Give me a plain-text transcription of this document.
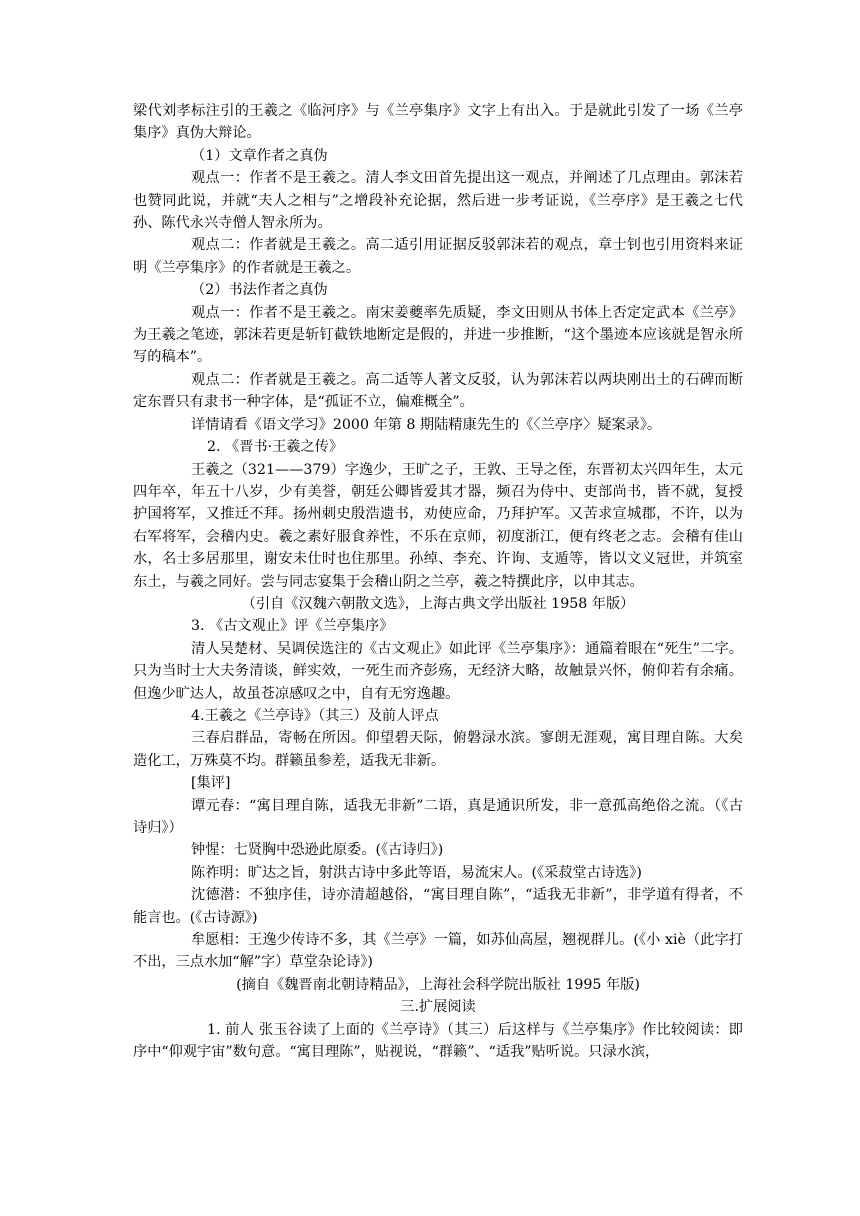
梁代刘孝标注引的王羲之《临河序》与《兰亭集序》文字上有出入。于是就此引发了一场《兰亭集序》真伪大辩论。

（1）文章作者之真伪

观点一：作者不是王羲之。清人李文田首先提出这一观点，并阐述了几点理由。郭沫若也赞同此说，并就“夫人之相与”之增段补充论据，然后进一步考证说，《兰亭序》是王羲之七代孙、陈代永兴寺僧人智永所为。

观点二：作者就是王羲之。高二适引用证据反驳郭沫若的观点，章士钊也引用资料来证明《兰亭集序》的作者就是王羲之。

（2）书法作者之真伪

观点一：作者不是王羲之。南宋姜夔率先质疑，李文田则从书体上否定定武本《兰亭》为王羲之笔迹，郭沫若更是斩钉截铁地断定是假的，并进一步推断，“这个墨迹本应该就是智永所写的稿本”。

观点二：作者就是王羲之。高二适等人著文反驳，认为郭沫若以两块刚出土的石碑而断定东晋只有隶书一种字体，是“孤证不立，偏难概全”。

详情请看《语文学习》2000 年第 8 期陆精康先生的《〈兰亭序〉疑案录》。

2. 《晋书·王羲之传》

王羲之（321——379）字逸少，王旷之子，王敦、王导之侄，东晋初太兴四年生，太元四年卒，年五十八岁，少有美誉，朝廷公卿皆爱其才器，频召为侍中、吏部尚书，皆不就，复授护国将军，又推迁不拜。扬州刺史殷浩遗书，劝使应命，乃拜护军。又苦求宣城郡，不许，以为右军将军，会稽内史。羲之素好服食养性，不乐在京师，初度浙江，便有终老之志。会稽有佳山水，名士多居那里，谢安未仕时也住那里。孙绰、李充、许询、支遁等，皆以文义冠世，并筑室东土，与羲之同好。尝与同志宴集于会稽山阴之兰亭，羲之特撰此序，以申其志。

（引自《汉魏六朝散文选》，上海古典文学出版社 1958 年版）

3. 《古文观止》评《兰亭集序》

清人吴楚材、吴调侯选注的《古文观止》如此评《兰亭集序》：通篇着眼在“死生”二字。只为当时士大夫务清谈，鲜实效，一死生而齐彭殇，无经济大略，故触景兴怀，俯仰若有余痛。但逸少旷达人，故虽苍凉感叹之中，自有无穷逸趣。

4.王羲之《兰亭诗》（其三）及前人评点

三春启群品，寄畅在所因。仰望碧天际，俯磐渌水滨。寥朗无涯观，寓目理自陈。大矣造化工，万殊莫不均。群籁虽参差，适我无非新。

[集评]

谭元春：“寓目理自陈，适我无非新”二语，真是通识所发，非一意孤高绝俗之流。（《古诗归》）

钟惺：七贤胸中恐逊此原委。(《古诗归》)

陈祚明：旷达之旨，射洪古诗中多此等语，易流宋人。(《采菽堂古诗选》)

沈德潜：不独序佳，诗亦清超越俗，“寓目理自陈”，“适我无非新”，非学道有得者，不能言也。(《古诗源》)

牟愿相：王逸少传诗不多，其《兰亭》一篇，如苏仙高屋，翘视群儿。(《小 xiè（此字打不出，三点水加“解”字）草堂杂论诗》)

(摘自《魏晋南北朝诗精品》，上海社会科学院出版社 1995 年版)

三.扩展阅读

1. 前人 张玉谷读了上面的《兰亭诗》（其三）后这样与《兰亭集序》作比较阅读：即序中“仰观宇宙”数句意。“寓目理陈”，贴视说，“群籁”、“适我”贴听说。只渌水滨，
